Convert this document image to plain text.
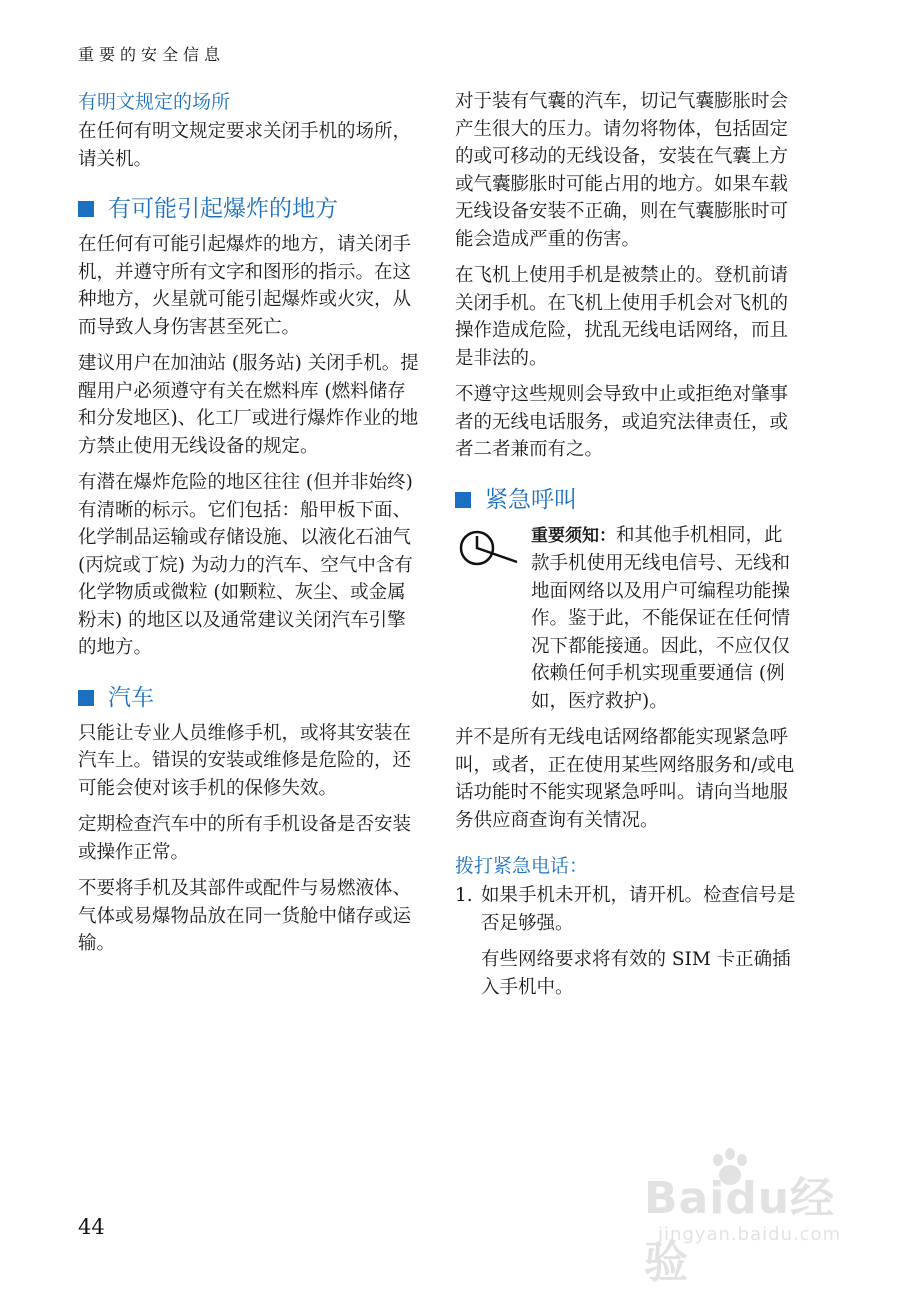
重要的安全信息
有明文规定的场所

在任何有明文规定要求关闭手机的场所，请关机。

有可能引起爆炸的地方

在任何有可能引起爆炸的地方，请关闭手机，并遵守所有文字和图形的指示。在这种地方，火星就可能引起爆炸或火灾，从而导致人身伤害甚至死亡。

建议用户在加油站 (服务站) 关闭手机。提醒用户必须遵守有关在燃料库 (燃料储存和分发地区)、化工厂或进行爆炸作业的地方禁止使用无线设备的规定。

有潜在爆炸危险的地区往往 (但并非始终) 有清晰的标示。它们包括：船甲板下面、化学制品运输或存储设施、以液化石油气 (丙烷或丁烷) 为动力的汽车、空气中含有化学物质或微粒 (如颗粒、灰尘、或金属粉末) 的地区以及通常建议关闭汽车引擎的地方。

汽车

只能让专业人员维修手机，或将其安装在汽车上。错误的安装或维修是危险的，还可能会使对该手机的保修失效。

定期检查汽车中的所有手机设备是否安装或操作正常。

不要将手机及其部件或配件与易燃液体、气体或易爆物品放在同一货舱中储存或运输。

对于装有气囊的汽车，切记气囊膨胀时会产生很大的压力。请勿将物体，包括固定的或可移动的无线设备，安装在气囊上方或气囊膨胀时可能占用的地方。如果车载无线设备安装不正确，则在气囊膨胀时可能会造成严重的伤害。

在飞机上使用手机是被禁止的。登机前请关闭手机。在飞机上使用手机会对飞机的操作造成危险，扰乱无线电话网络，而且是非法的。

不遵守这些规则会导致中止或拒绝对肇事者的无线电话服务，或追究法律责任，或者二者兼而有之。

紧急呼叫

重要须知：和其他手机相同，此款手机使用无线电信号、无线和地面网络以及用户可编程功能操作。鉴于此，不能保证在任何情况下都能接通。因此，不应仅仅依赖任何手机实现重要通信 (例如，医疗救护)。

并不是所有无线电话网络都能实现紧急呼叫，或者，正在使用某些网络服务和/或电话功能时不能实现紧急呼叫。请向当地服务供应商查询有关情况。

拨打紧急电话：
1. 如果手机未开机，请开机。检查信号是否足够强。

有些网络要求将有效的 SIM 卡正确插入手机中。

44
Baidu经验
jingyan.baidu.com
